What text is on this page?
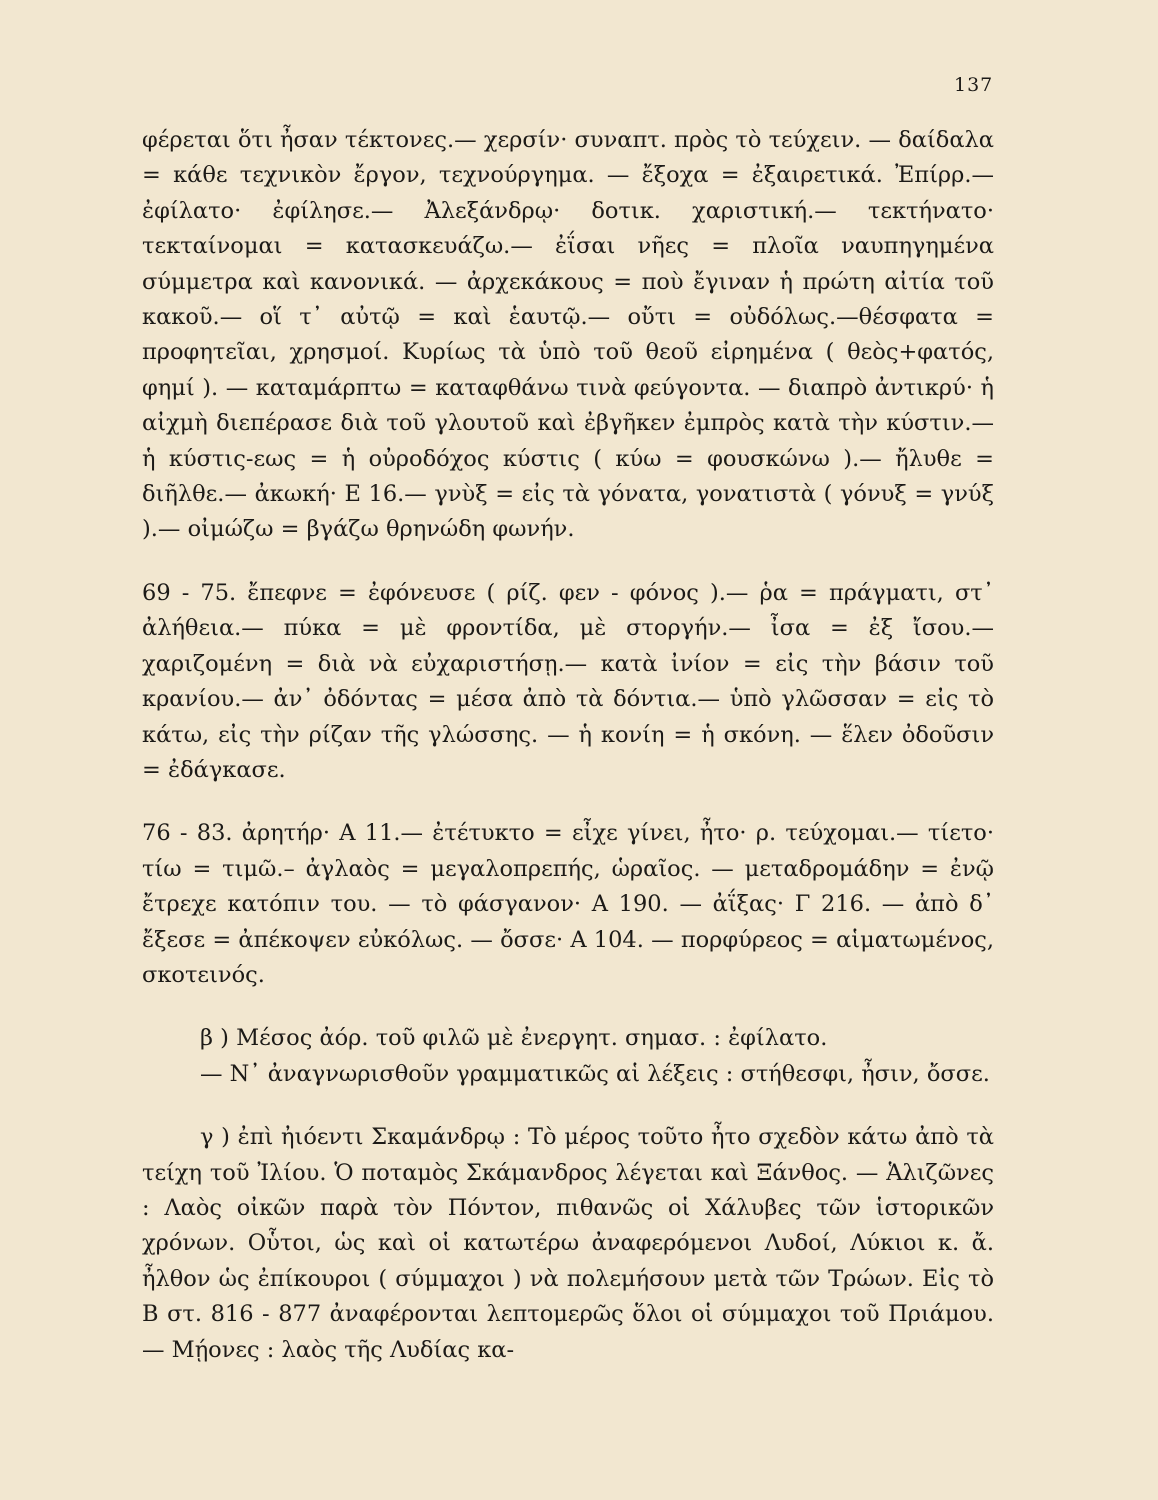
137

φέρεται ὅτι ἦσαν τέκτονες.— χερσίν· συναπτ. πρὸς τὸ τεύχειν. — δαίδαλα = κάθε τεχνικὸν ἔργον, τεχνούργημα. — ἔξοχα = ἐξαιρετικά. Ἐπίρρ.— ἐφίλατο· ἐφίλησε.— Ἀλεξάνδρῳ· δοτικ. χαριστική.— τεκτήνατο· τεκταίνομαι = κατασκευάζω.— ἐΐσαι νῆες = πλοῖα ναυπηγημένα σύμμετρα καὶ κανονικά. — ἀρχεκάκους = ποὺ ἔγιναν ἡ πρώτη αἰτία τοῦ κακοῦ.— οἵ τ᾽ αὐτῷ = καὶ ἑαυτῷ.— οὔτι = οὐδόλως.—θέσφατα = προφητεῖαι, χρησμοί. Κυρίως τὰ ὑπὸ τοῦ θεοῦ εἰρημένα ( θεὸς+φατός, φημί ). — καταμάρπτω = καταφθάνω τινὰ φεύγοντα. — διαπρὸ ἀντικρύ· ἡ αἰχμὴ διεπέρασε διὰ τοῦ γλουτοῦ καὶ ἐβγῆκεν ἐμπρὸς κατὰ τὴν κύστιν.— ἡ κύστις-εως = ἡ οὐροδόχος κύστις ( κύω = φουσκώνω ).— ἤλυθε = διῆλθε.— ἀκωκή· Ε 16.— γνὺξ = εἰς τὰ γόνατα, γονατιστὰ ( γόνυξ = γνύξ ).— οἰμώζω = βγάζω θρηνώδη φωνήν.

69 - 75. ἔπεφνε = ἐφόνευσε ( ρίζ. φεν - φόνος ).— ῥα = πράγματι, στ᾽ ἀλήθεια.— πύκα = μὲ φροντίδα, μὲ στοργήν.— ἶσα = ἐξ ἴσου.— χαριζομένη = διὰ νὰ εὐχαριστήσῃ.— κατὰ ἰνίον = εἰς τὴν βάσιν τοῦ κρανίου.— ἀν᾽ ὀδόντας = μέσα ἀπὸ τὰ δόντια.— ὑπὸ γλῶσσαν = εἰς τὸ κάτω, εἰς τὴν ρίζαν τῆς γλώσσης. — ἡ κονίη = ἡ σκόνη. — ἕλεν ὀδοῦσιν = ἐδάγκασε.

76 - 83. ἀρητήρ· Α 11.— ἐτέτυκτο = εἶχε γίνει, ἦτο· ρ. τεύχομαι.— τίετο· τίω = τιμῶ.– ἀγλαὸς = μεγαλοπρεπής, ὡραῖος. — μεταδρομάδην = ἐνῷ ἔτρεχε κατόπιν του. — τὸ φάσγανον· Α 190. — ἀΐξας· Γ 216. — ἀπὸ δ᾽ ἔξεσε = ἀπέκοψεν εὐκόλως. — ὄσσε· Α 104. — πορφύρεος = αἱματωμένος, σκοτεινός.

β ) Μέσος ἀόρ. τοῦ φιλῶ μὲ ἐνεργητ. σημασ. : ἐφίλατο.

— Ν᾽ ἀναγνωρισθοῦν γραμματικῶς αἱ λέξεις : στήθεσφι, ἦσιν, ὄσσε.

γ ) ἐπὶ ἠιόεντι Σκαμάνδρῳ : Τὸ μέρος τοῦτο ἦτο σχεδὸν κάτω ἀπὸ τὰ τείχη τοῦ Ἰλίου. Ὁ ποταμὸς Σκάμανδρος λέγεται καὶ Ξάνθος. — Ἁλιζῶνες : Λαὸς οἰκῶν παρὰ τὸν Πόντον, πιθανῶς οἱ Χάλυβες τῶν ἱστορικῶν χρόνων. Οὗτοι, ὡς καὶ οἱ κατωτέρω ἀναφερόμενοι Λυδοί, Λύκιοι κ. ἄ. ἦλθον ὡς ἐπίκουροι ( σύμμαχοι ) νὰ πολεμήσουν μετὰ τῶν Τρώων. Εἰς τὸ Β στ. 816 - 877 ἀναφέρονται λεπτομερῶς ὅλοι οἱ σύμμαχοι τοῦ Πριάμου. — Μῄονες : λαὸς τῆς Λυδίας κα-
